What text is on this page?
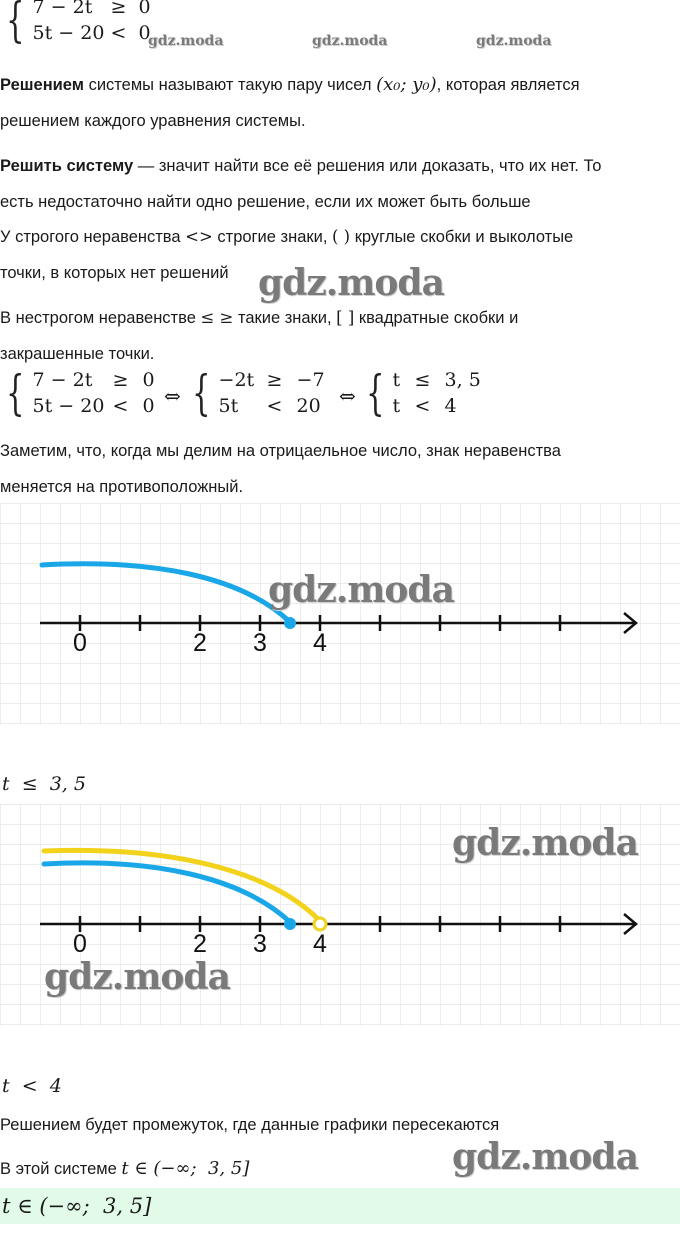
{ 7 − 2t ≥ 0
5t − 20 < 0
gdz.moda	gdz.moda	gdz.moda
Решением системы называют такую пару чисел (x₀; y₀), которая является
решением каждого уравнения системы.
Решить систему — значит найти все её решения или доказать, что их нет. То
есть недостаточно найти одно решение, если их может быть больше
У строгого неравенства <> строгие знаки, ( ) круглые скобки и выколотые
точки, в которых нет решений gdz.moda
В нестрогом неравенстве ≤ ≥ такие знаки, [ ] квадратные скобки и
закрашенные точки.
{ 7 − 2t	≥ 0
5t − 20 < 0 ⇔ { −2t ≥ −7
5t	< 20 ⇔ { t ≤ 3, 5
t < 4
Заметим, что, когда мы делим на отрицаельное число, знак неравенства
меняется на противоположный.
0	2 3 4
gdz.moda
t  ≤  3, 5
0	2 3 4
gdz.moda
gdz.moda
t  <  4
Решением будет промежуток, где данные графики пересекаются
В этой системе t ∈ (−∞;  3, 5]	gdz.moda
t ∈ (−∞;  3, 5]
